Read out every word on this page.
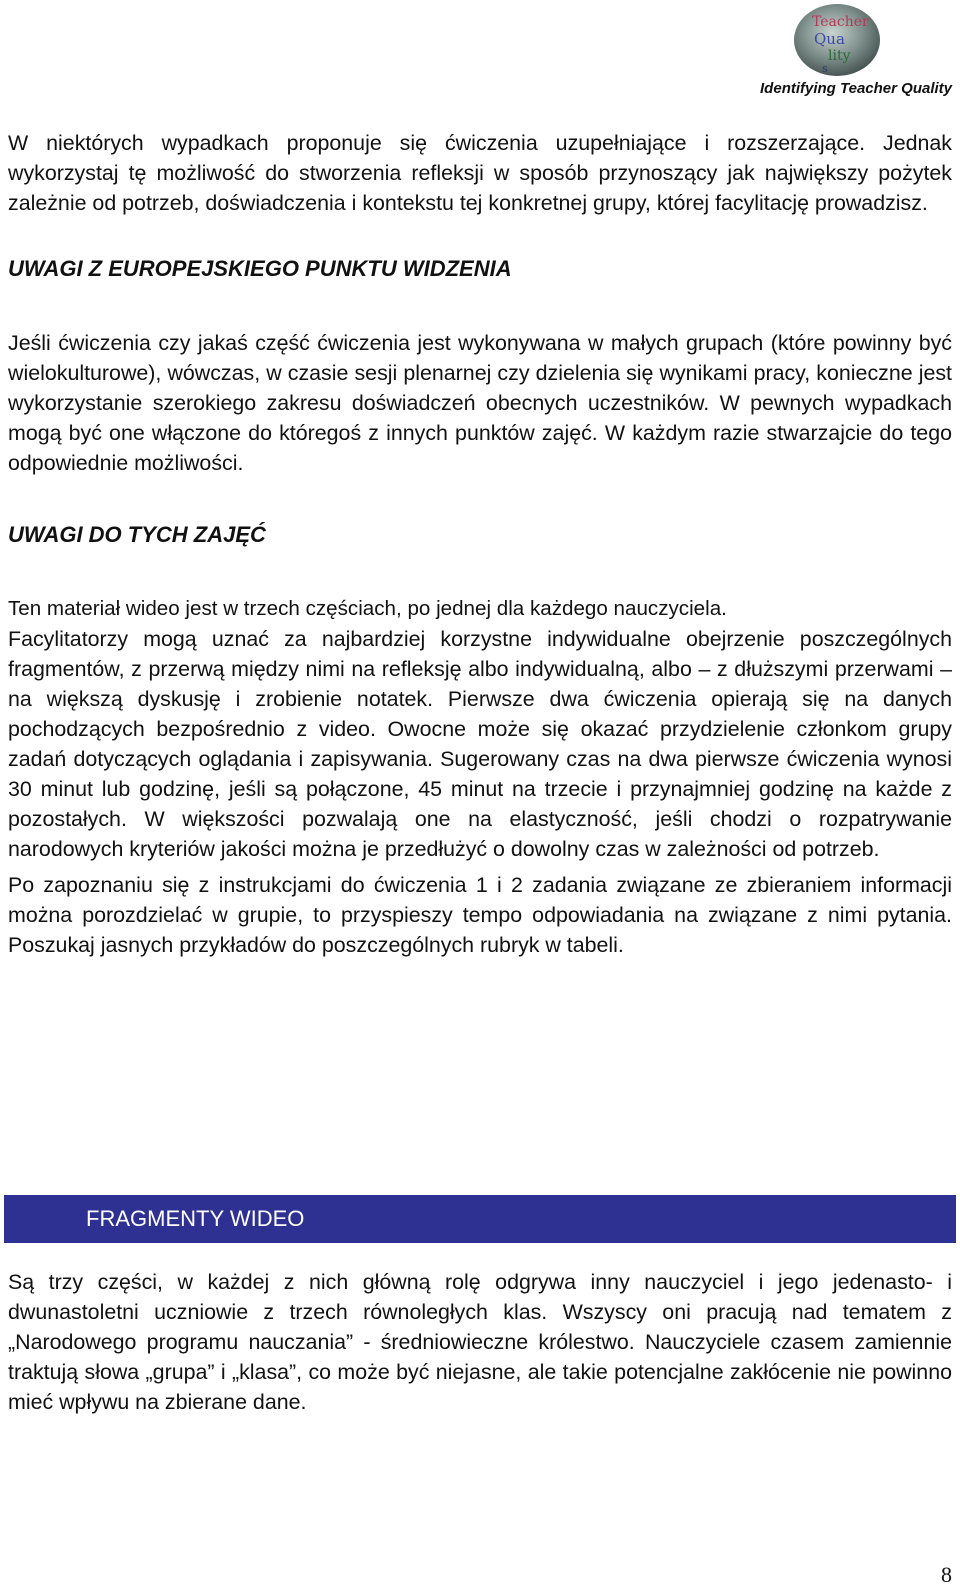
Teacher
Qua
lity
s
Identifying Teacher Quality

W niektórych wypadkach proponuje się ćwiczenia uzupełniające i rozszerzające. Jednak wykorzystaj tę możliwość do stworzenia refleksji w sposób przynoszący jak największy pożytek zależnie od potrzeb, doświadczenia i kontekstu tej konkretnej grupy, której facylitację prowadzisz.

UWAGI Z EUROPEJSKIEGO PUNKTU WIDZENIA

Jeśli ćwiczenia czy jakaś część ćwiczenia jest wykonywana w małych grupach (które powinny być wielokulturowe), wówczas, w czasie sesji plenarnej czy dzielenia się wynikami pracy, konieczne jest wykorzystanie szerokiego zakresu doświadczeń obecnych uczestników. W pewnych wypadkach mogą być one włączone do któregoś z innych punktów zajęć. W każdym razie stwarzajcie do tego odpowiednie możliwości.

UWAGI DO TYCH ZAJĘĆ

Ten materiał wideo jest w trzech częściach, po jednej dla każdego nauczyciela.

Facylitatorzy mogą uznać za najbardziej korzystne indywidualne obejrzenie poszczególnych fragmentów, z przerwą między nimi na refleksję albo indywidualną, albo – z dłuższymi przerwami – na większą dyskusję i zrobienie notatek. Pierwsze dwa ćwiczenia opierają się na danych pochodzących bezpośrednio z video. Owocne może się okazać przydzielenie członkom grupy zadań dotyczących oglądania i zapisywania. Sugerowany czas na dwa pierwsze ćwiczenia wynosi 30 minut lub godzinę, jeśli są połączone, 45 minut na trzecie i przynajmniej godzinę na każde z pozostałych. W większości pozwalają one na elastyczność, jeśli chodzi o rozpatrywanie narodowych kryteriów jakości można je przedłużyć o dowolny czas w zależności od potrzeb.

Po zapoznaniu się z instrukcjami do ćwiczenia 1 i 2 zadania związane ze zbieraniem informacji można porozdzielać w grupie, to przyspieszy tempo odpowiadania na związane z nimi pytania. Poszukaj jasnych przykładów do poszczególnych rubryk w tabeli.

FRAGMENTY WIDEO

Są trzy części, w każdej z nich główną rolę odgrywa inny nauczyciel i jego jedenasto- i dwunastoletni uczniowie z trzech równoległych klas. Wszyscy oni pracują nad tematem z „Narodowego programu nauczania” - średniowieczne królestwo. Nauczyciele czasem zamiennie traktują słowa „grupa” i „klasa”, co może być niejasne, ale takie potencjalne zakłócenie nie powinno mieć wpływu na zbierane dane.

8
